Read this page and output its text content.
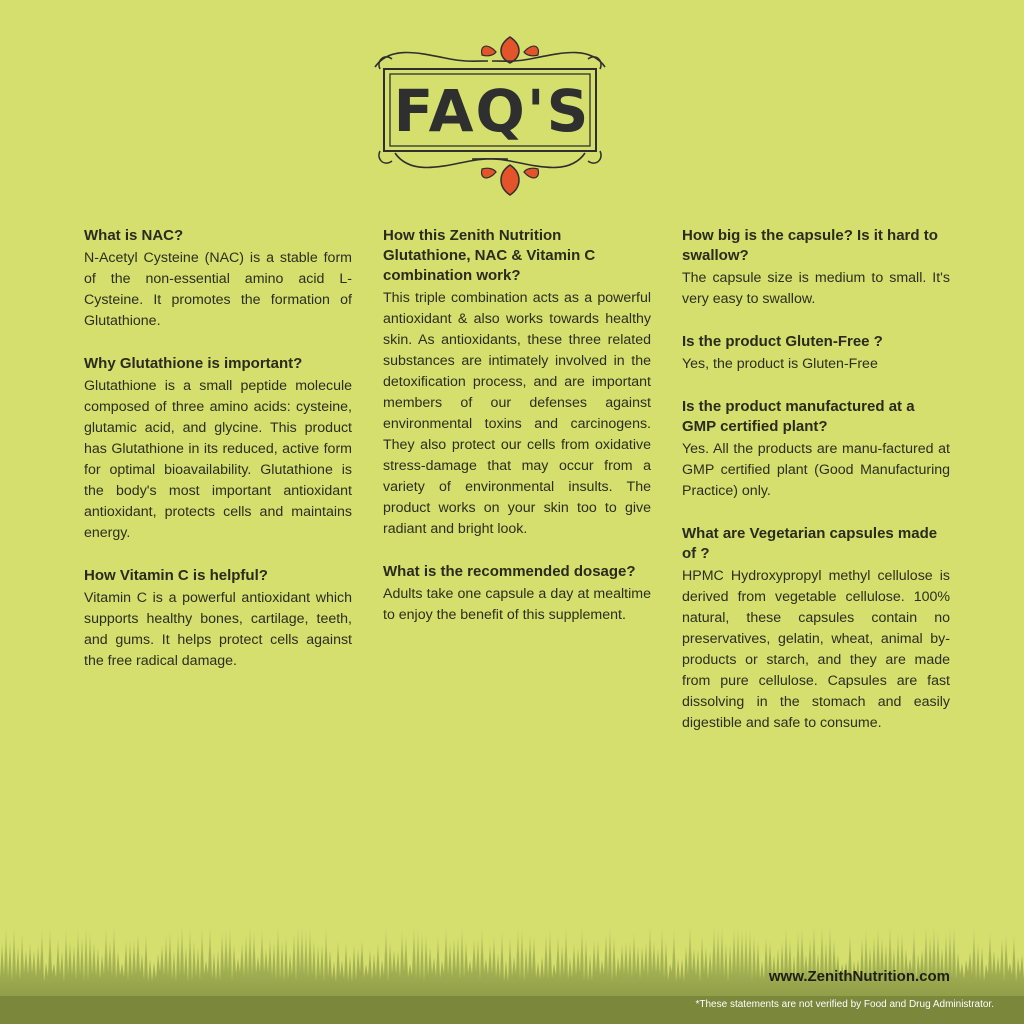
FAQ'S
What is NAC?

N-Acetyl Cysteine (NAC) is a stable form of the non-essential amino acid L-Cysteine. It promotes the formation of Glutathione.

Why Glutathione is important?

Glutathione is a small peptide molecule composed of three amino acids: cysteine, glutamic acid, and glycine. This product has Glutathione in its reduced, active form for optimal bioavailability. Glutathione is the body's most important antioxidant antioxidant, protects cells and maintains energy.

How Vitamin C is helpful?

Vitamin C is a powerful antioxidant which supports healthy bones, cartilage, teeth, and gums. It helps protect cells against the free radical damage.

How this Zenith Nutrition Glutathione, NAC & Vitamin C combination work?

This triple combination acts as a powerful antioxidant & also works towards healthy skin. As antioxidants, these three related substances are intimately involved in the detoxification process, and are important members of our defenses against environmental toxins and carcinogens. They also protect our cells from oxidative stress-damage that may occur from a variety of environmental insults. The product works on your skin too to give radiant and bright look.

What is the recommended dosage?

Adults take one capsule a day at mealtime to enjoy the benefit of this supplement.

How big is the capsule? Is it hard to swallow?

The capsule size is medium to small. It's very easy to swallow.

Is the product Gluten-Free ?

Yes, the product is Gluten-Free

Is the product manufactured at a GMP certified plant?

Yes. All the products are manu-factured at GMP certified plant (Good Manufacturing Practice) only.

What are Vegetarian capsules made of ?

HPMC Hydroxypropyl methyl cellulose is derived from vegetable cellulose. 100% natural, these capsules contain no preservatives, gelatin, wheat, animal by-products or starch, and they are made from pure cellulose. Capsules are fast dissolving in the stomach and easily digestible and safe to consume.

www.ZenithNutrition.com
*These statements are not verified by Food and Drug Administrator.
